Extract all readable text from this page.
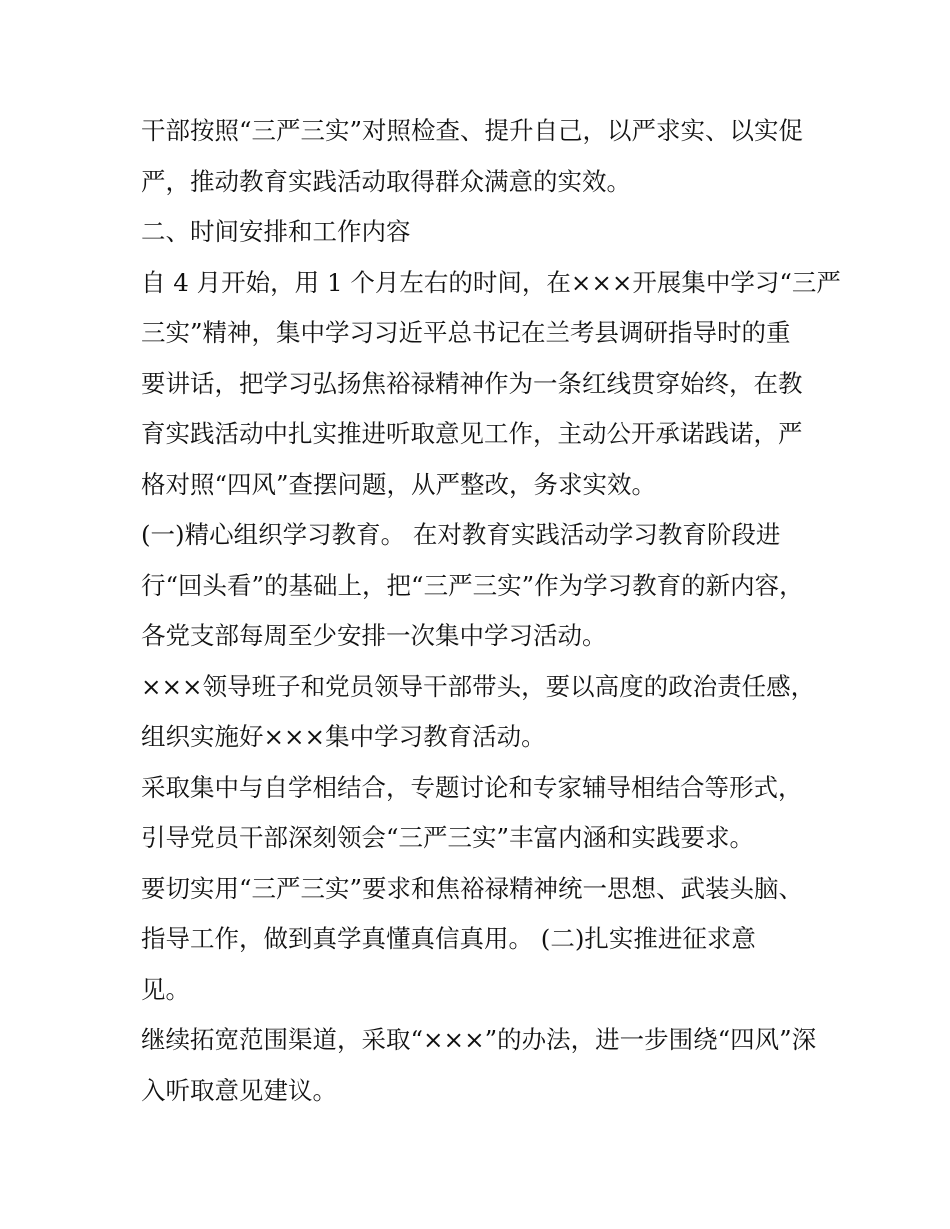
干部按照“三严三实”对照检查、提升自己，以严求实、以实促

严，推动教育实践活动取得群众满意的实效。

二、时间安排和工作内容

自 4 月开始，用 1 个月左右的时间，在×××开展集中学习“三严

三实”精神，集中学习习近平总书记在兰考县调研指导时的重

要讲话，把学习弘扬焦裕禄精神作为一条红线贯穿始终，在教

育实践活动中扎实推进听取意见工作，主动公开承诺践诺，严

格对照“四风”查摆问题，从严整改，务求实效。

(一)精心组织学习教育。 在对教育实践活动学习教育阶段进

行“回头看”的基础上，把“三严三实”作为学习教育的新内容，

各党支部每周至少安排一次集中学习活动。

×××领导班子和党员领导干部带头，要以高度的政治责任感，

组织实施好×××集中学习教育活动。

采取集中与自学相结合，专题讨论和专家辅导相结合等形式，

引导党员干部深刻领会“三严三实”丰富内涵和实践要求。

要切实用“三严三实”要求和焦裕禄精神统一思想、武装头脑、

指导工作，做到真学真懂真信真用。 (二)扎实推进征求意

见。

继续拓宽范围渠道，采取“×××”的办法，进一步围绕“四风”深

入听取意见建议。
